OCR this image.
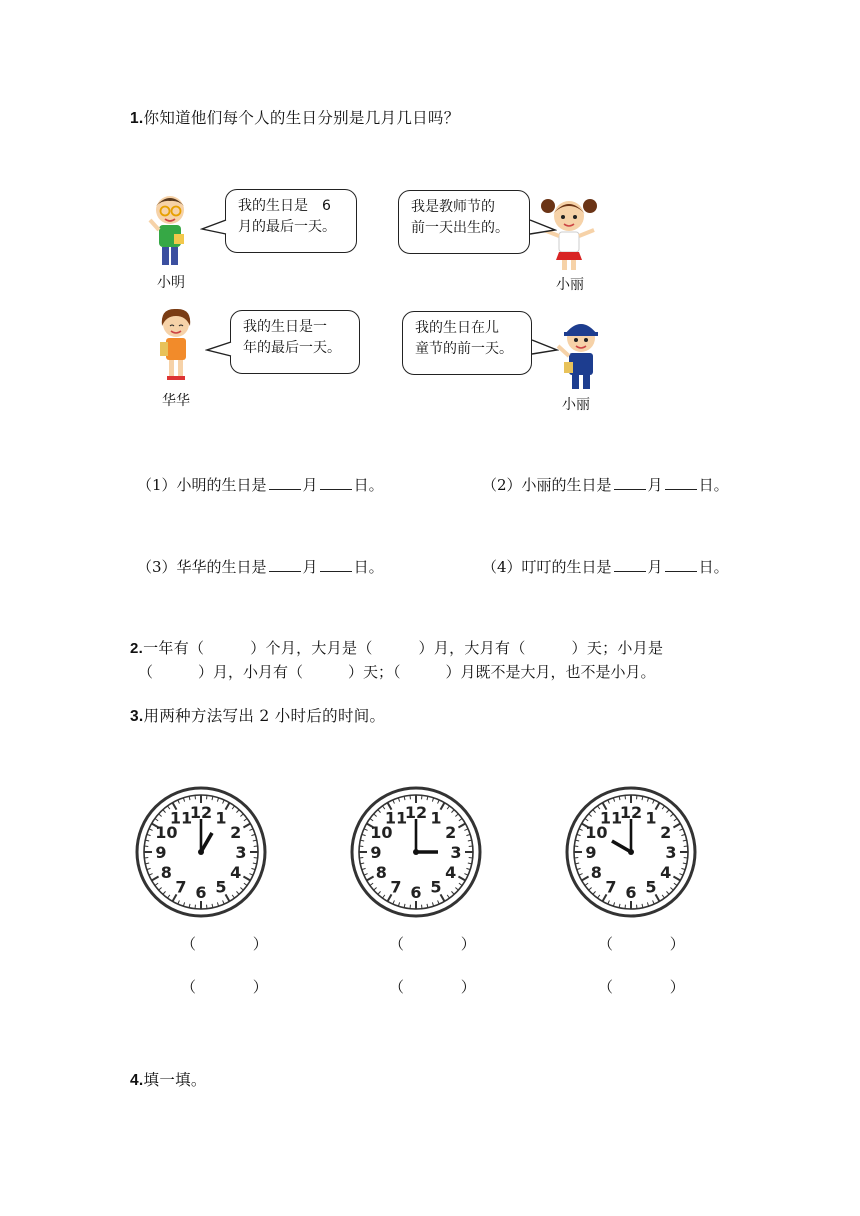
1.你知道他们每个人的生日分别是几月几日吗？
小明	小丽
华华	小丽
我的生日是　6
月的最后一天。
我是教师节的
前一天出生的。
我的生日是一
年的最后一天。
我的生日在儿
童节的前一天。
（1）小明的生日是 月 日。	（2）小丽的生日是 月 日。
（3）华华的生日是 月 日。	（4）叮叮的生日是 月 日。
2.一年有（　　　）个月，大月是（　　　）月，大月有（　　　）天；小月是
（　　　）月，小月有（　　　）天；（　　　）月既不是大月，也不是小月。
3.用两种方法写出 2 小时后的时间。
12 1
2
3
4
5
6
7
8
9
10
11	12 1
2
3
4
5
6
7
8
9
10
11	12 1
2
3
4
5
6
7
8
9
10
11
（ ）
（ ）
（ ）
（ ）
（ ）
（ ）
4.填一填。
